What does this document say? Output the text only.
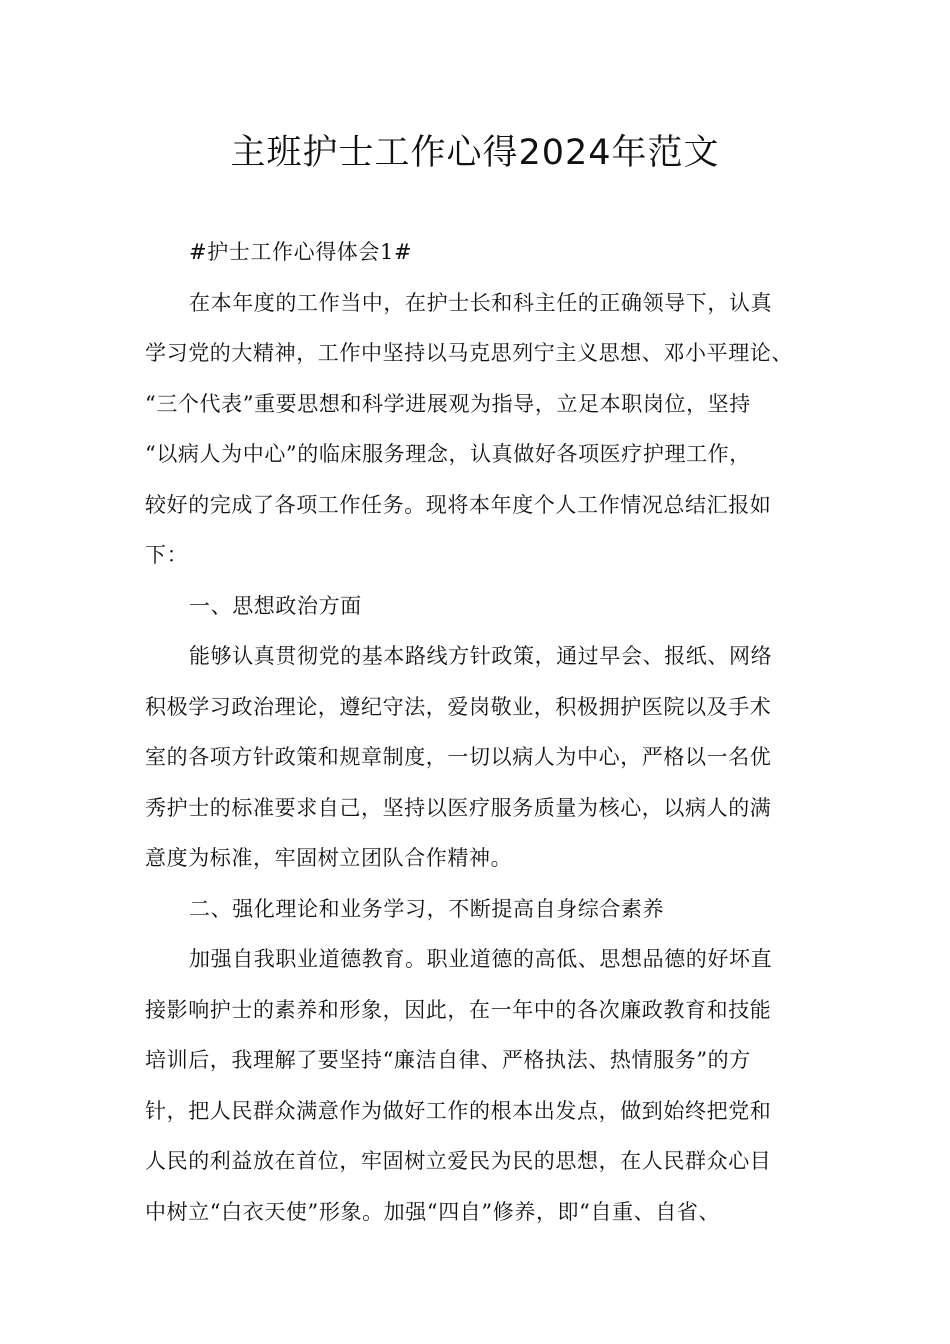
主班护士工作心得2024年范文
#护士工作心得体会1#
在本年度的工作当中，在护士长和科主任的正确领导下，认真
学习党的大精神，工作中坚持以马克思列宁主义思想、邓小平理论、
“三个代表”重要思想和科学进展观为指导，立足本职岗位，坚持
“以病人为中心”的临床服务理念，认真做好各项医疗护理工作，
较好的完成了各项工作任务。现将本年度个人工作情况总结汇报如
下：
一、思想政治方面
能够认真贯彻党的基本路线方针政策，通过早会、报纸、网络
积极学习政治理论，遵纪守法，爱岗敬业，积极拥护医院以及手术
室的各项方针政策和规章制度，一切以病人为中心，严格以一名优
秀护士的标准要求自己，坚持以医疗服务质量为核心，以病人的满
意度为标准，牢固树立团队合作精神。
二、强化理论和业务学习，不断提高自身综合素养
加强自我职业道德教育。职业道德的高低、思想品德的好坏直
接影响护士的素养和形象，因此，在一年中的各次廉政教育和技能
培训后，我理解了要坚持“廉洁自律、严格执法、热情服务”的方
针，把人民群众满意作为做好工作的根本出发点，做到始终把党和
人民的利益放在首位，牢固树立爱民为民的思想，在人民群众心目
中树立“白衣天使”形象。加强“四自”修养，即“自重、自省、
